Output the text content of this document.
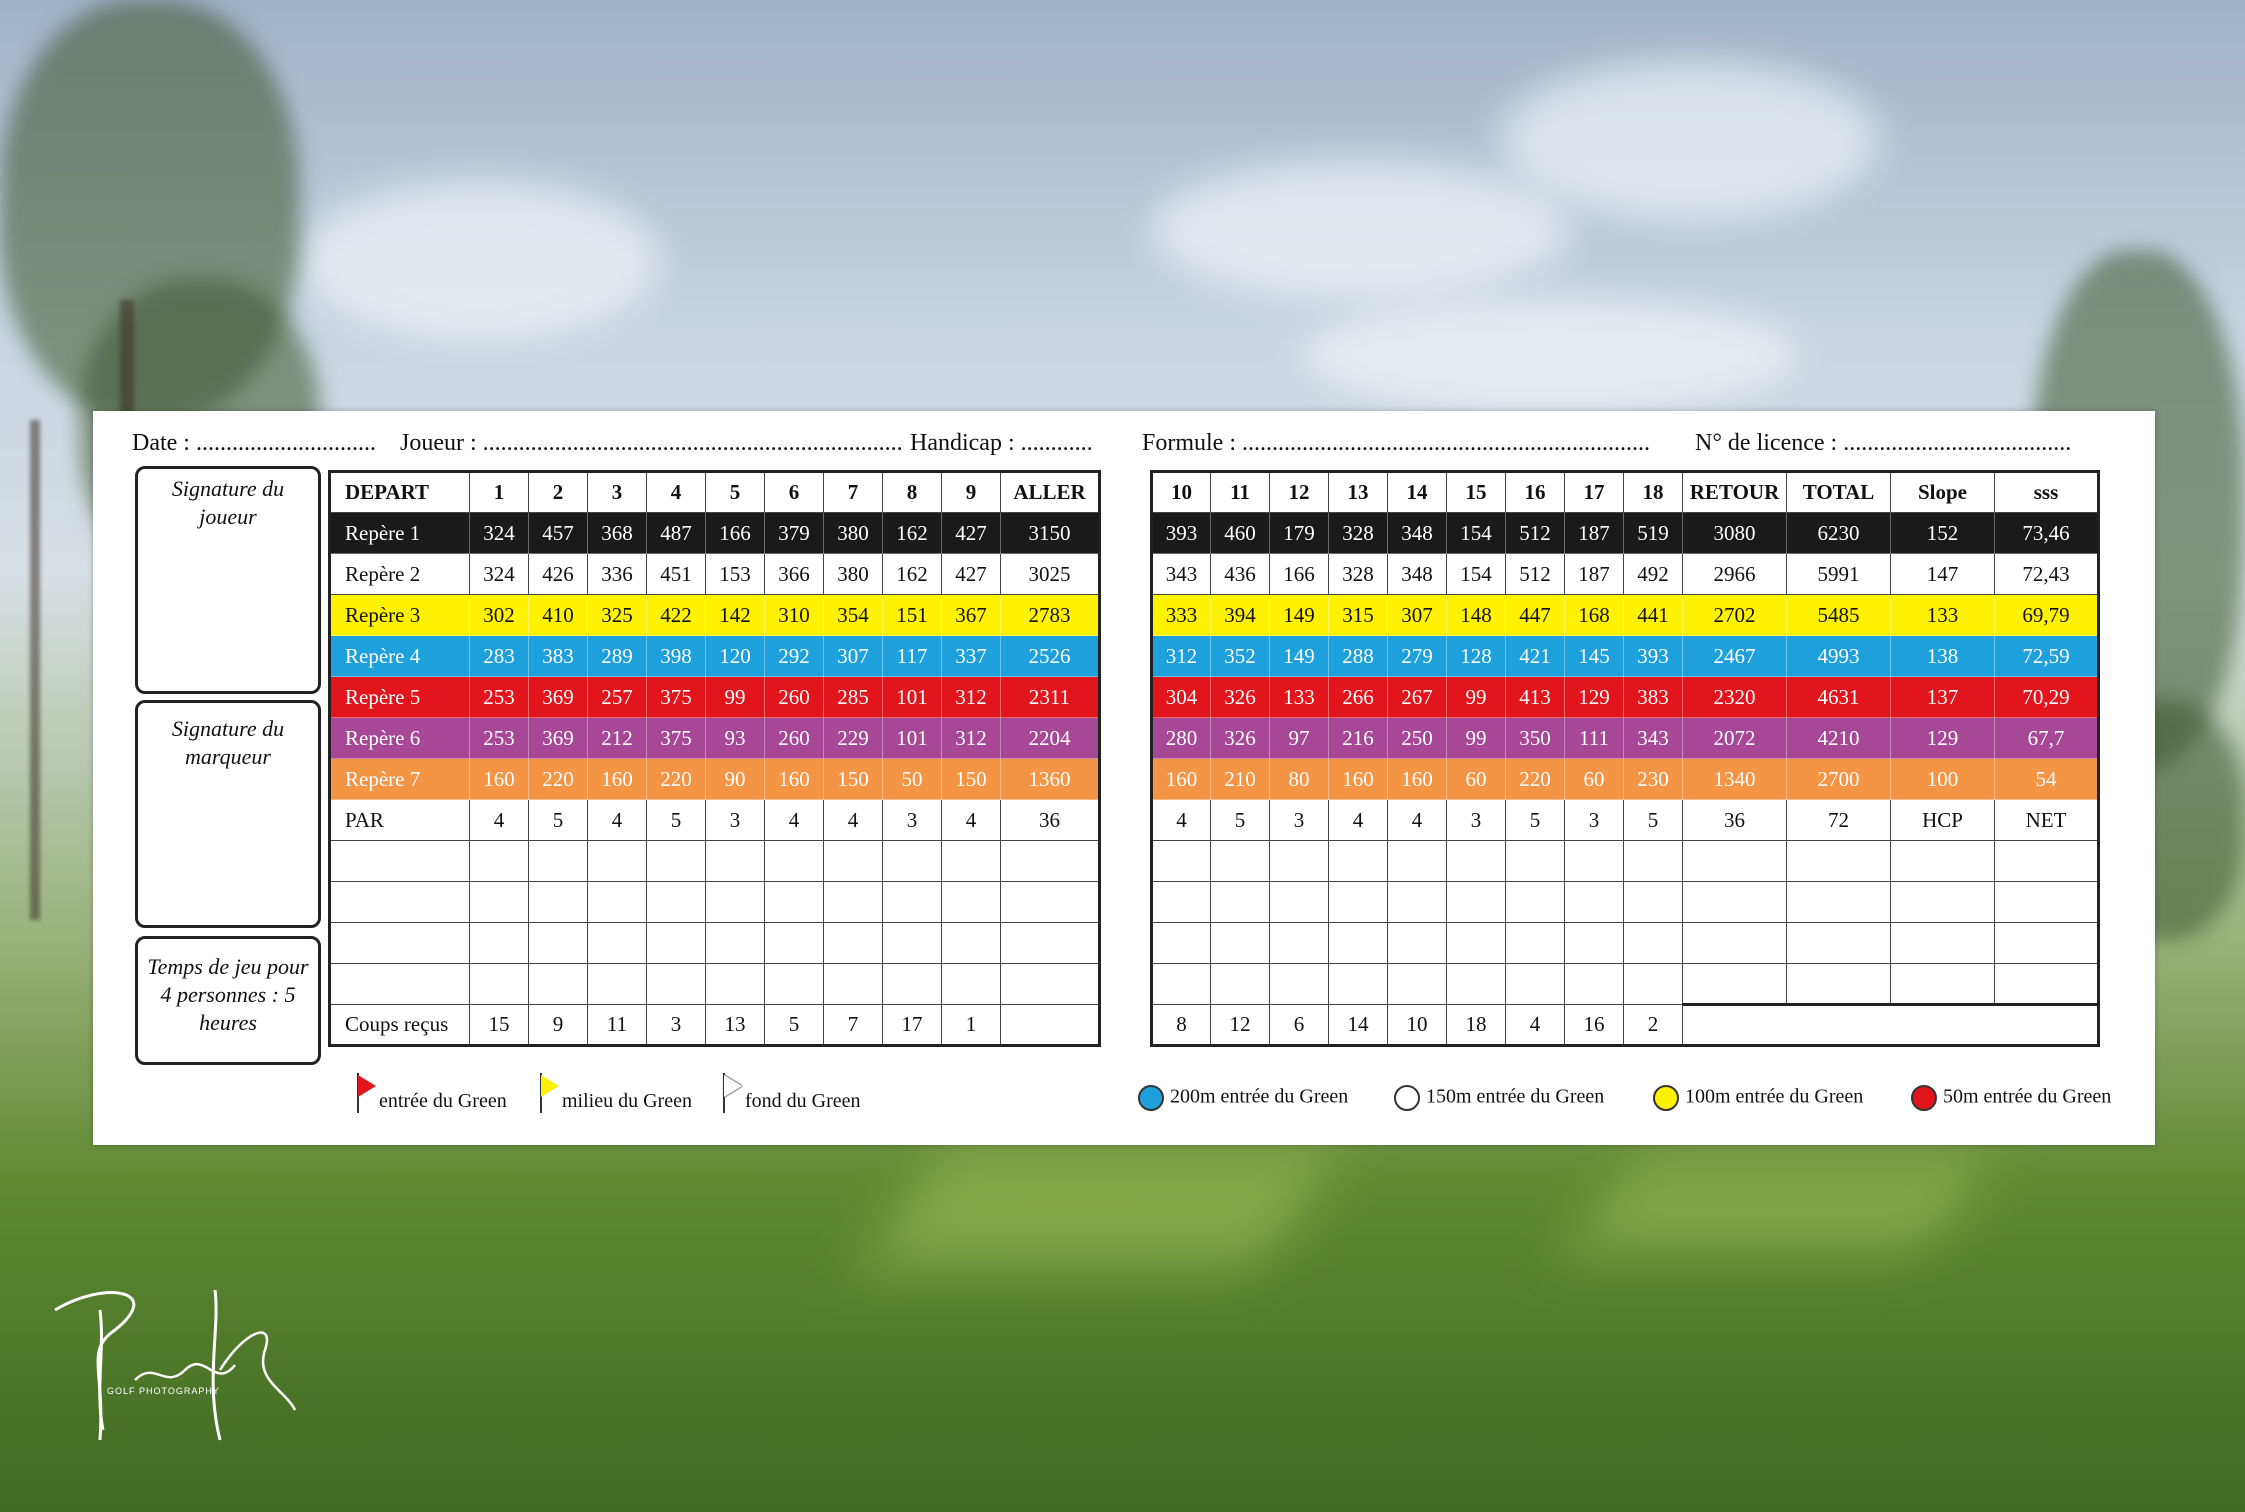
Date : .............................. Joueur : ...................................................................... Handicap : ............ Formule : .................................................................... N° de licence : ......................................
Signature du joueur
Signature du marqueur
Temps de jeu pour 4 personnes : 5 heures
DEPART	1	2	3	4	5	6	7	8	9	ALLER
Repère 1	324	457	368	487	166	379	380	162	427	3150
Repère 2	324	426	336	451	153	366	380	162	427	3025
Repère 3	302	410	325	422	142	310	354	151	367	2783
Repère 4	283	383	289	398	120	292	307	117	337	2526
Repère 5	253	369	257	375	99	260	285	101	312	2311
Repère 6	253	369	212	375	93	260	229	101	312	2204
Repère 7	160	220	160	220	90	160	150	50	150	1360
PAR	4	5	4	5	3	4	4	3	4	36

Coups reçus	15	9	11	3	13	5	7	17	1	
10	11	12	13	14	15	16	17	18	RETOUR	TOTAL	Slope	sss
393	460	179	328	348	154	512	187	519	3080	6230	152	73,46
343	436	166	328	348	154	512	187	492	2966	5991	147	72,43
333	394	149	315	307	148	447	168	441	2702	5485	133	69,79
312	352	149	288	279	128	421	145	393	2467	4993	138	72,59
304	326	133	266	267	99	413	129	383	2320	4631	137	70,29
280	326	97	216	250	99	350	111	343	2072	4210	129	67,7
160	210	80	160	160	60	220	60	230	1340	2700	100	54
4	5	3	4	4	3	5	3	5	36	72	HCP	NET

8	12	6	14	10	18	4	16	2				
entrée du Green	milieu du Green	fond du Green	200m entrée du Green	150m entrée du Green	100m entrée du Green	50m entrée du Green
GOLF PHOTOGRAPHY
